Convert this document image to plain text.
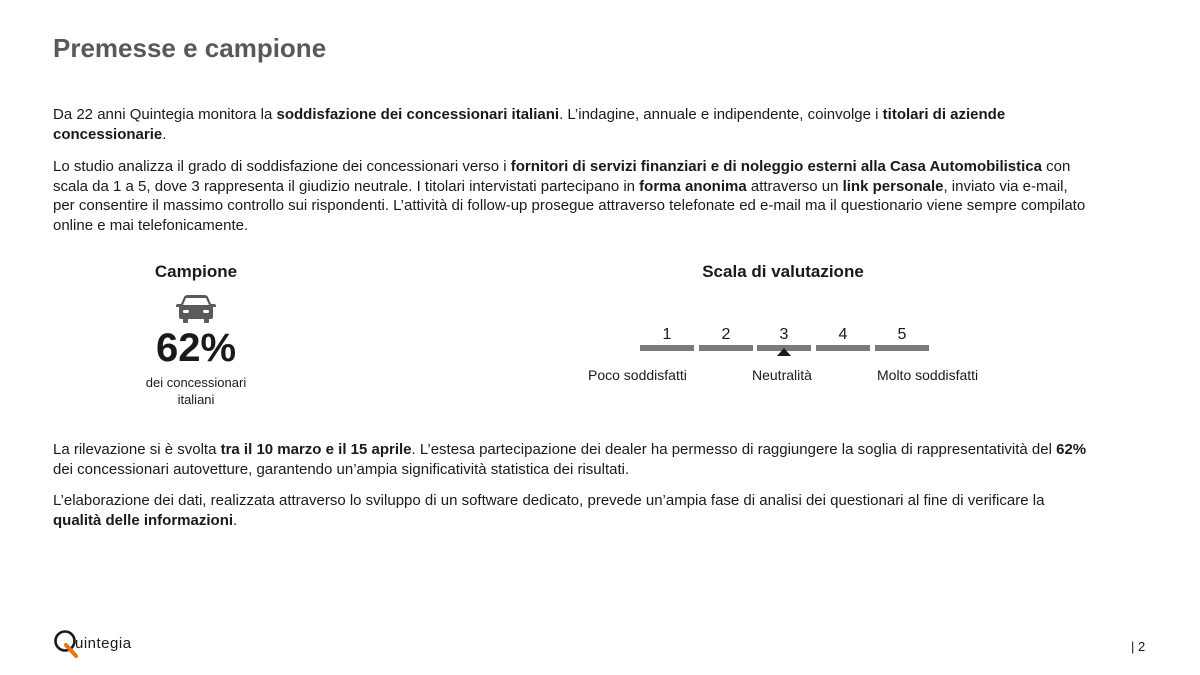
Premesse e campione

Da 22 anni Quintegia monitora la soddisfazione dei concessionari italiani. L’indagine, annuale e indipendente, coinvolge i titolari di aziende concessionarie.

Lo studio analizza il grado di soddisfazione dei concessionari verso i fornitori di servizi finanziari e di noleggio esterni alla Casa Automobilistica con scala da 1 a 5, dove 3 rappresenta il giudizio neutrale. I titolari intervistati partecipano in forma anonima attraverso un link personale, inviato via e-mail, per consentire il massimo controllo sui rispondenti. L’attività di follow-up prosegue attraverso telefonate ed e-mail ma il questionario viene sempre compilato online e mai telefonicamente.

Campione
62%
dei concessionari italiani
Scala di valutazione
1	2	3	4	5
Poco soddisfatti	Neutralità	Molto soddisfatti

La rilevazione si è svolta tra il 10 marzo e il 15 aprile. L’estesa partecipazione dei dealer ha permesso di raggiungere la soglia di rappresentatività del 62% dei concessionari autovetture, garantendo un’ampia significatività statistica dei risultati.

L’elaborazione dei dati, realizzata attraverso lo sviluppo di un software dedicato, prevede un’ampia fase di analisi dei questionari al fine di verificare la qualità delle informazioni.

uintegia	| 2
